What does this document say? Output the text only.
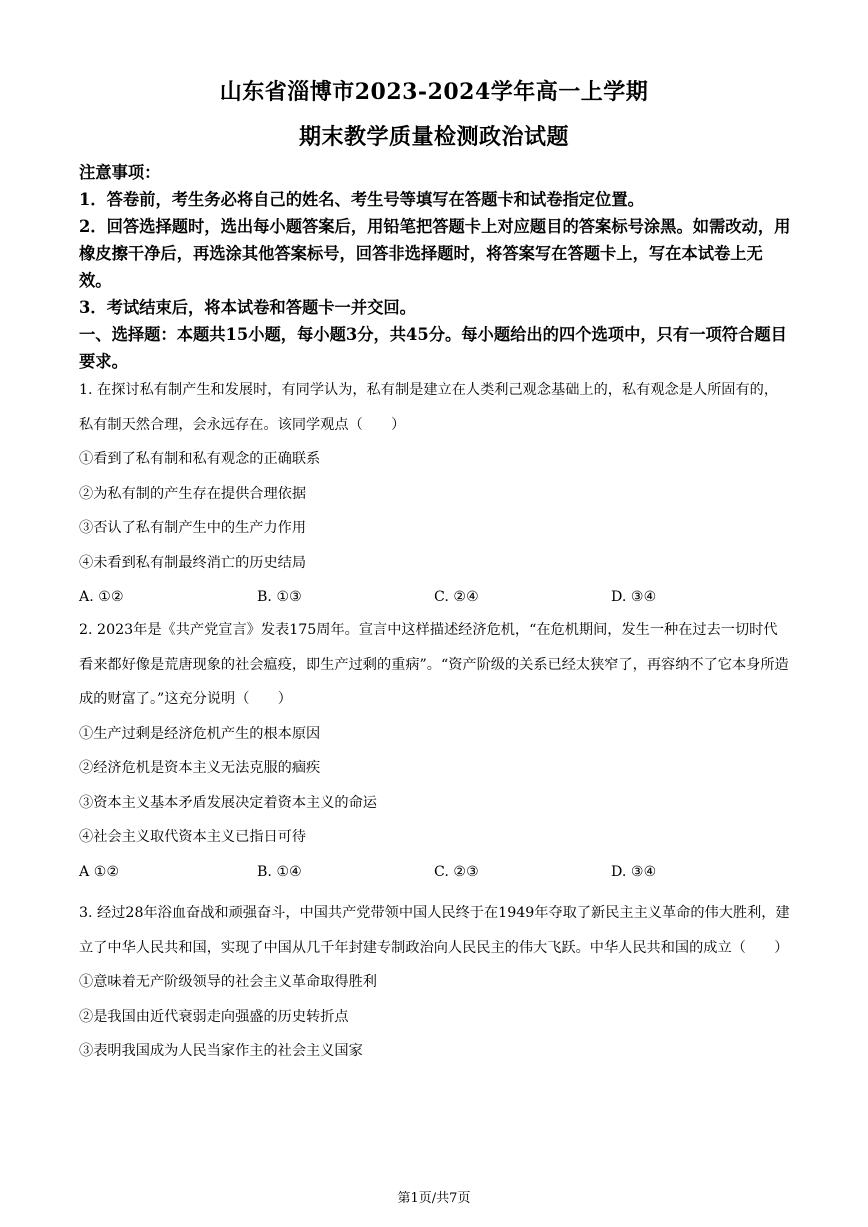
山东省淄博市2023-2024学年高一上学期
期末教学质量检测政治试题

注意事项：

1．答卷前，考生务必将自己的姓名、考生号等填写在答题卡和试卷指定位置。

2．回答选择题时，选出每小题答案后，用铅笔把答题卡上对应题目的答案标号涂黑。如需改动，用橡皮擦干净后，再选涂其他答案标号，回答非选择题时，将答案写在答题卡上，写在本试卷上无效。

3．考试结束后，将本试卷和答题卡一并交回。

一、选择题：本题共15小题，每小题3分，共45分。每小题给出的四个选项中，只有一项符合题目要求。

1. 在探讨私有制产生和发展时，有同学认为，私有制是建立在人类利己观念基础上的，私有观念是人所固有的，私有制天然合理，会永远存在。该同学观点（　　）

①看到了私有制和私有观念的正确联系

②为私有制的产生存在提供合理依据

③否认了私有制产生中的生产力作用

④未看到私有制最终消亡的历史结局

A. ①②	B. ①③	C. ②④	D. ③④

2. 2023年是《共产党宣言》发表175周年。宣言中这样描述经济危机，“在危机期间，发生一种在过去一切时代看来都好像是荒唐现象的社会瘟疫，即生产过剩的重病”。“资产阶级的关系已经太狭窄了，再容纳不了它本身所造成的财富了。”这充分说明（　　）

①生产过剩是经济危机产生的根本原因

②经济危机是资本主义无法克服的痼疾

③资本主义基本矛盾发展决定着资本主义的命运

④社会主义取代资本主义已指日可待

A ①②	B. ①④	C. ②③	D. ③④

3. 经过28年浴血奋战和顽强奋斗，中国共产党带领中国人民终于在1949年夺取了新民主主义革命的伟大胜利，建立了中华人民共和国，实现了中国从几千年封建专制政治向人民民主的伟大飞跃。中华人民共和国的成立（　　）

①意味着无产阶级领导的社会主义革命取得胜利

②是我国由近代衰弱走向强盛的历史转折点

③表明我国成为人民当家作主的社会主义国家

第1页/共7页
